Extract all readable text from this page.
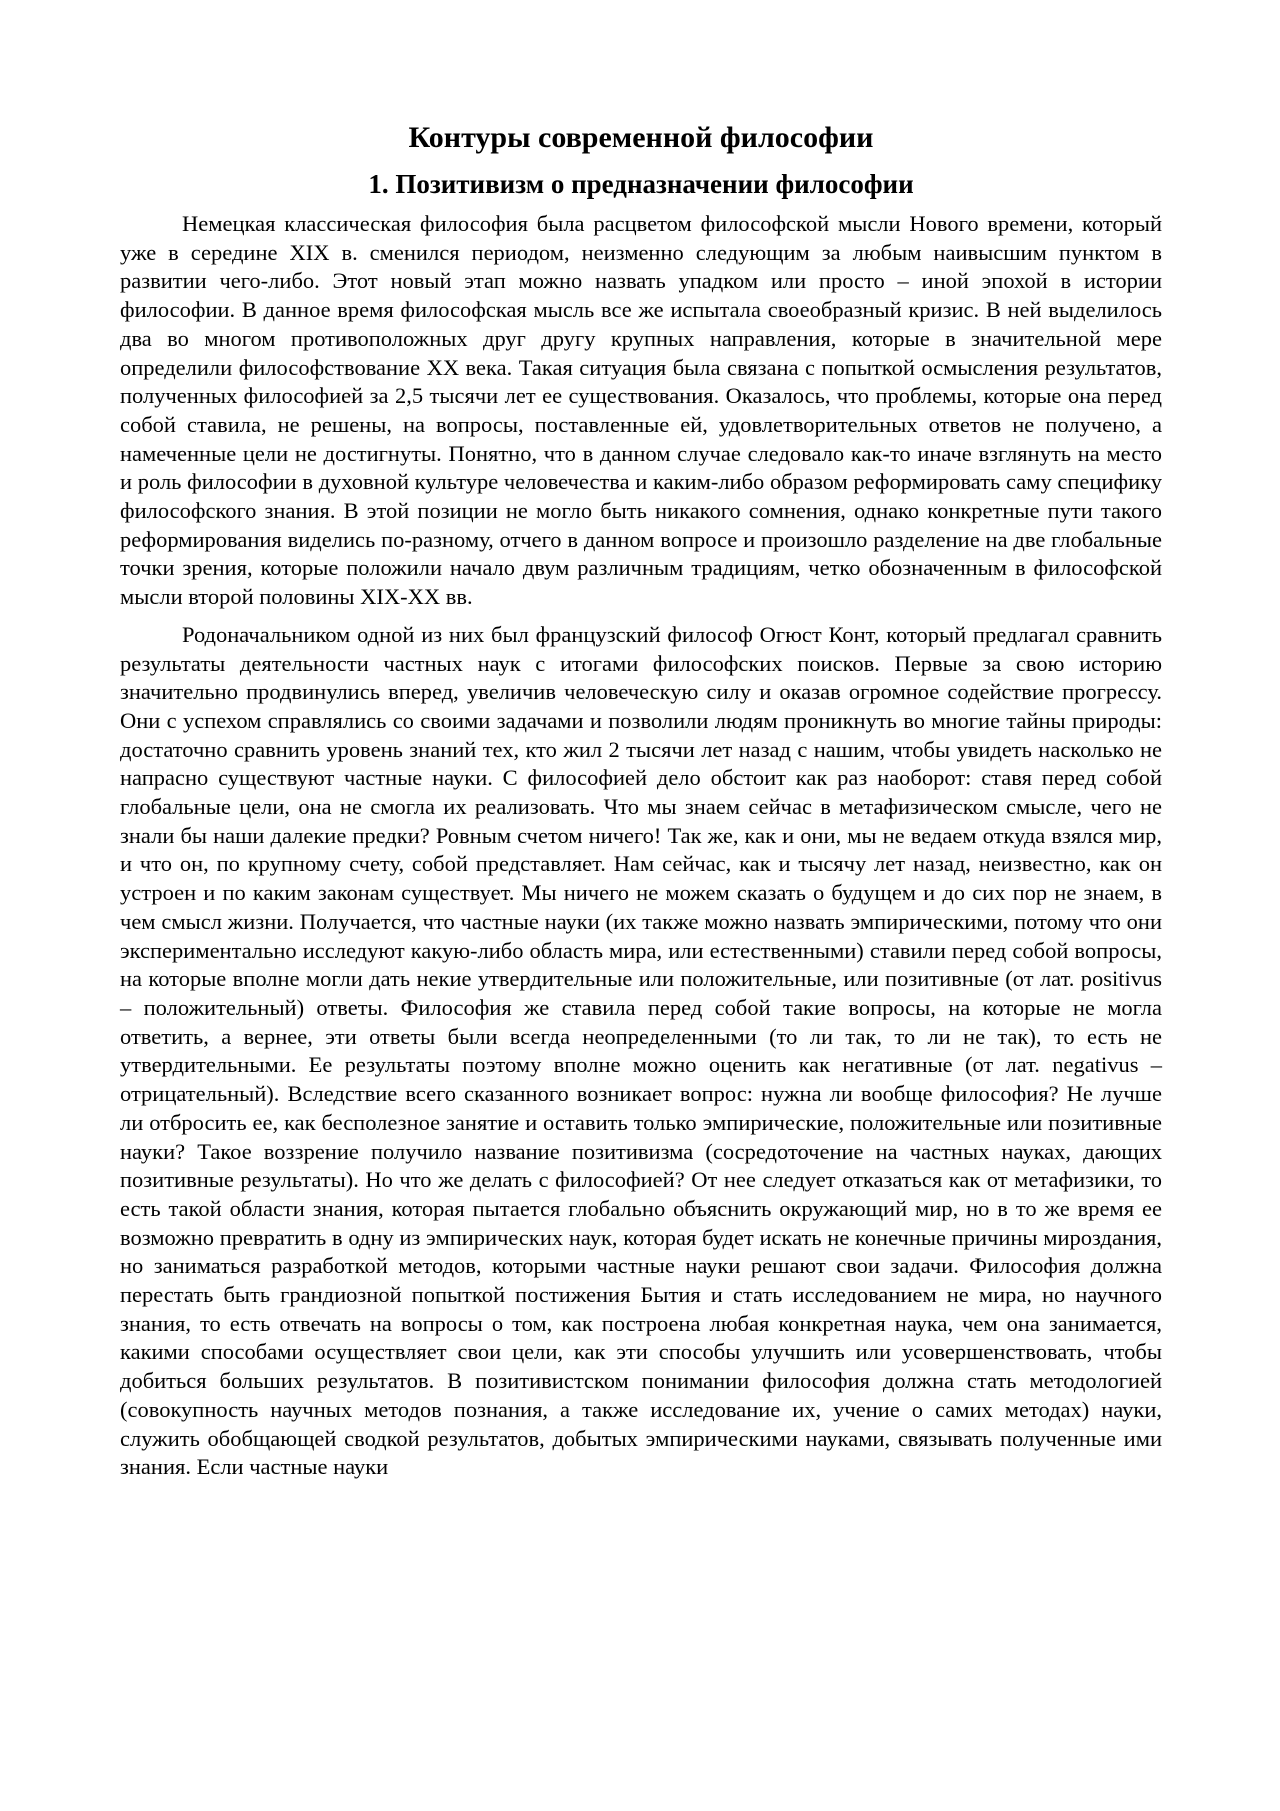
Контуры современной философии
1. Позитивизм о предназначении философии

Немецкая классическая философия была расцветом философской мысли Нового времени, который уже в середине XIX в. сменился периодом, неизменно следующим за любым наивысшим пунктом в развитии чего-либо. Этот новый этап можно назвать упадком или просто – иной эпохой в истории философии. В данное время философская мысль все же испытала своеобразный кризис. В ней выделилось два во многом противоположных друг другу крупных направления, которые в значительной мере определили философствование XX века. Такая ситуация была связана с попыткой осмысления результатов, полученных философией за 2,5 тысячи лет ее существования. Оказалось, что проблемы, которые она перед собой ставила, не решены, на вопросы, поставленные ей, удовлетворительных ответов не получено, а намеченные цели не достигнуты. Понятно, что в данном случае следовало как-то иначе взглянуть на место и роль философии в духовной культуре человечества и каким-либо образом реформировать саму специфику философского знания. В этой позиции не могло быть никакого сомнения, однако конкретные пути такого реформирования виделись по-разному, отчего в данном вопросе и произошло разделение на две глобальные точки зрения, которые положили начало двум различным традициям, четко обозначенным в философской мысли второй половины XIX-XX вв.

Родоначальником одной из них был французский философ Огюст Конт, который предлагал сравнить результаты деятельности частных наук с итогами философских поисков. Первые за свою историю значительно продвинулись вперед, увеличив человеческую силу и оказав огромное содействие прогрессу. Они с успехом справлялись со своими задачами и позволили людям проникнуть во многие тайны природы: достаточно сравнить уровень знаний тех, кто жил 2 тысячи лет назад с нашим, чтобы увидеть насколько не напрасно существуют частные науки. С философией дело обстоит как раз наоборот: ставя перед собой глобальные цели, она не смогла их реализовать. Что мы знаем сейчас в метафизическом смысле, чего не знали бы наши далекие предки? Ровным счетом ничего! Так же, как и они, мы не ведаем откуда взялся мир, и что он, по крупному счету, собой представляет. Нам сейчас, как и тысячу лет назад, неизвестно, как он устроен и по каким законам существует. Мы ничего не можем сказать о будущем и до сих пор не знаем, в чем смысл жизни. Получается, что частные науки (их также можно назвать эмпирическими, потому что они экспериментально исследуют какую-либо область мира, или естественными) ставили перед собой вопросы, на которые вполне могли дать некие утвердительные или положительные, или позитивные (от лат. positivus – положительный) ответы. Философия же ставила перед собой такие вопросы, на которые не могла ответить, а вернее, эти ответы были всегда неопределенными (то ли так, то ли не так), то есть не утвердительными. Ее результаты поэтому вполне можно оценить как негативные (от лат. negativus – отрицательный). Вследствие всего сказанного возникает вопрос: нужна ли вообще философия? Не лучше ли отбросить ее, как бесполезное занятие и оставить только эмпирические, положительные или позитивные науки? Такое воззрение получило название позитивизма (сосредоточение на частных науках, дающих позитивные результаты). Но что же делать с философией? От нее следует отказаться как от метафизики, то есть такой области знания, которая пытается глобально объяснить окружающий мир, но в то же время ее возможно превратить в одну из эмпирических наук, которая будет искать не конечные причины мироздания, но заниматься разработкой методов, которыми частные науки решают свои задачи. Философия должна перестать быть грандиозной попыткой постижения Бытия и стать исследованием не мира, но научного знания, то есть отвечать на вопросы о том, как построена любая конкретная наука, чем она занимается, какими способами осуществляет свои цели, как эти способы улучшить или усовершенствовать, чтобы добиться больших результатов. В позитивистском понимании философия должна стать методологией (совокупность научных методов познания, а также исследование их, учение о самих методах) науки, служить обобщающей сводкой результатов, добытых эмпирическими науками, связывать полученные ими знания. Если частные науки
